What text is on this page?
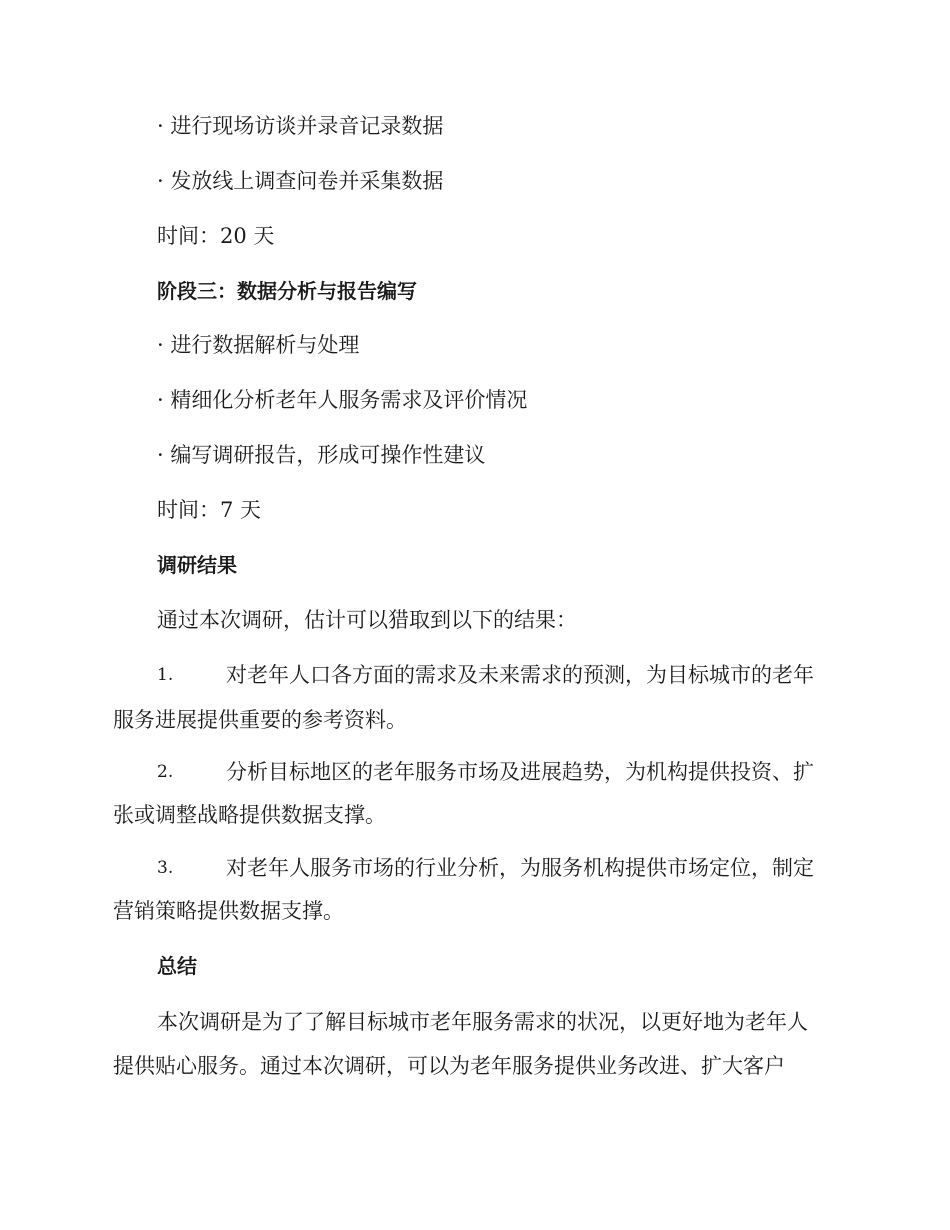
· 进行现场访谈并录音记录数据
· 发放线上调查问卷并采集数据
时间：20 天
阶段三：数据分析与报告编写
· 进行数据解析与处理
· 精细化分析老年人服务需求及评价情况
· 编写调研报告，形成可操作性建议
时间：7 天
调研结果
通过本次调研，估计可以猎取到以下的结果：
1.	对老年人口各方面的需求及未来需求的预测，为目标城市的老年
服务进展提供重要的参考资料。
2.	分析目标地区的老年服务市场及进展趋势，为机构提供投资、扩
张或调整战略提供数据支撑。
3.	对老年人服务市场的行业分析，为服务机构提供市场定位，制定
营销策略提供数据支撑。
总结
本次调研是为了了解目标城市老年服务需求的状况，以更好地为老年人
提供贴心服务。通过本次调研，可以为老年服务提供业务改进、扩大客户
